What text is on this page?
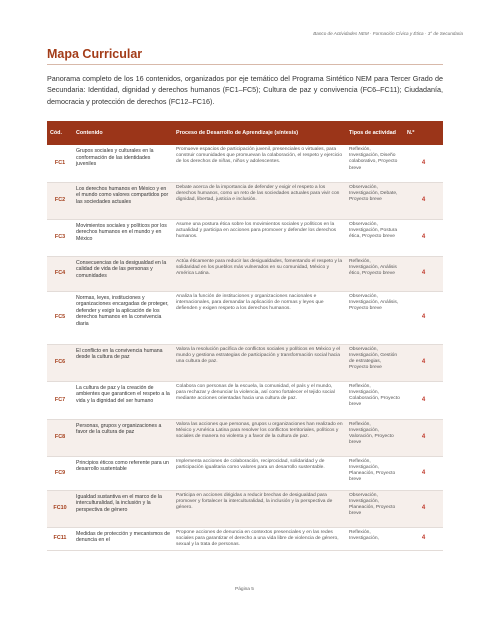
Banco de Actividades NEM · Formación Cívica y Ética · 3° de Secundaria
Mapa Curricular
Panorama completo de los 16 contenidos, organizados por eje temático del Programa Sintético NEM para Tercer Grado de Secundaria: Identidad, dignidad y derechos humanos (FC1–FC5); Cultura de paz y convivencia (FC6–FC11); Ciudadanía, democracia y protección de derechos (FC12–FC16).
Cód.	Contenido	Proceso de Desarrollo de Aprendizaje (síntesis)	Tipos de actividad	N.º
FC1	Grupos sociales y culturales en la conformación de las identidades juveniles	Promueve espacios de participación juvenil, presenciales o virtuales, para construir comunidades que promuevan la colaboración, el respeto y ejercicio de los derechos de niñas, niños y adolescentes.	Reflexión, Investigación, Diseño colaborativo, Proyecto breve	4
FC2	Los derechos humanos en México y en el mundo como valores compartidos por las sociedades actuales	Debate acerca de la importancia de defender y exigir el respeto a los derechos humanos, como un reto de las sociedades actuales para vivir con dignidad, libertad, justicia e inclusión.	Observación, Investigación, Debate, Proyecto breve	4
FC3	Movimientos sociales y políticos por los derechos humanos en el mundo y en México	Asume una postura ética sobre los movimientos sociales y políticos en la actualidad y participa en acciones para promover y defender los derechos humanos.	Observación, Investigación, Postura ética, Proyecto breve	4
FC4	Consecuencias de la desigualdad en la calidad de vida de las personas y comunidades	Actúa éticamente para reducir las desigualdades, fomentando el respeto y la solidaridad en los pueblos más vulnerados en su comunidad, México y América Latina.	Reflexión, Investigación, Análisis ético, Proyecto breve	4
FC5	Normas, leyes, instituciones y organizaciones encargadas de proteger, defender y exigir la aplicación de los derechos humanos en la convivencia diaria	Analiza la función de instituciones y organizaciones nacionales e internacionales, para demandar la aplicación de normas y leyes que defienden y exigen respeto a los derechos humanos.	Observación, Investigación, Análisis, Proyecto breve	4
FC6	El conflicto en la convivencia humana desde la cultura de paz	Valora la resolución pacífica de conflictos sociales y políticos en México y el mundo y gestiona estrategias de participación y transformación social hacia una cultura de paz.	Observación, Investigación, Gestión de estrategias, Proyecto breve	4
FC7	La cultura de paz y la creación de ambientes que garanticen el respeto a la vida y la dignidad del ser humano	Colabora con personas de la escuela, la comunidad, el país y el mundo, para rechazar y denunciar la violencia, así como fortalecer el tejido social mediante acciones orientadas hacia una cultura de paz.	Reflexión, Investigación, Colaboración, Proyecto breve	4
FC8	Personas, grupos y organizaciones a favor de la cultura de paz	Valora las acciones que personas, grupos u organizaciones han realizado en México y América Latina para resolver los conflictos territoriales, políticos y sociales de manera no violenta y a favor de la cultura de paz.	Reflexión, Investigación, Valoración, Proyecto breve	4
FC9	Principios éticos como referente para un desarrollo sustentable	Implementa acciones de colaboración, reciprocidad, solidaridad y de participación igualitaria como valores para un desarrollo sustentable.	Reflexión, Investigación, Planeación, Proyecto breve	4
FC10	Igualdad sustantiva en el marco de la interculturalidad, la inclusión y la perspectiva de género	Participa en acciones dirigidas a reducir brechas de desigualdad para promover y fortalecer la interculturalidad, la inclusión y la perspectiva de género.	Observación, Investigación, Planeación, Proyecto breve	4
FC11	Medidas de protección y mecanismos de denuncia en el	Propone acciones de denuncia en contextos presenciales y en las redes sociales para garantizar el derecho a una vida libre de violencia de género, sexual y la trata de personas.	Reflexión, Investigación,	4
Página 5
